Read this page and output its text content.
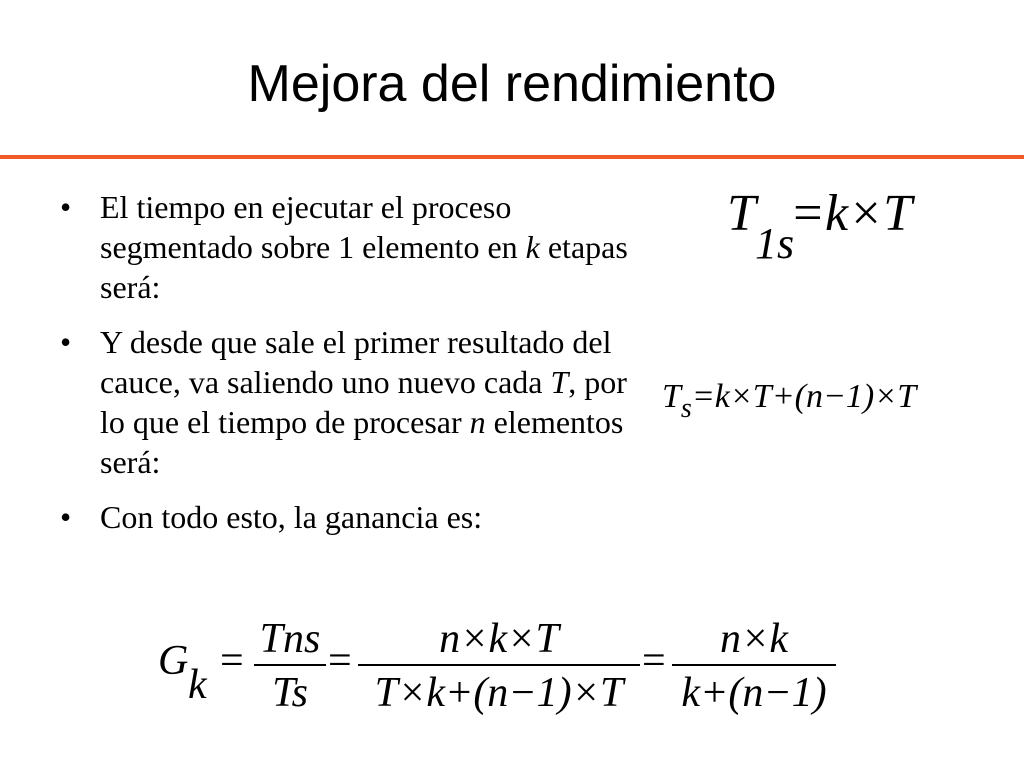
Mejora del rendimiento
• El tiempo en ejecutar el proceso segmentado sobre 1 elemento en k etapas será:
• Y desde que sale el primer resultado del cauce, va saliendo uno nuevo cada T, por lo que el tiempo de procesar n elementos será:
• Con todo esto, la ganancia es:
T
1s
=k×T
$T_s=k\times T+(n-1)\times T$
G
k
= Tns
Ts
=	n×k×T
T×k+(n−1)×T
=	n×k
k+(n−1)
